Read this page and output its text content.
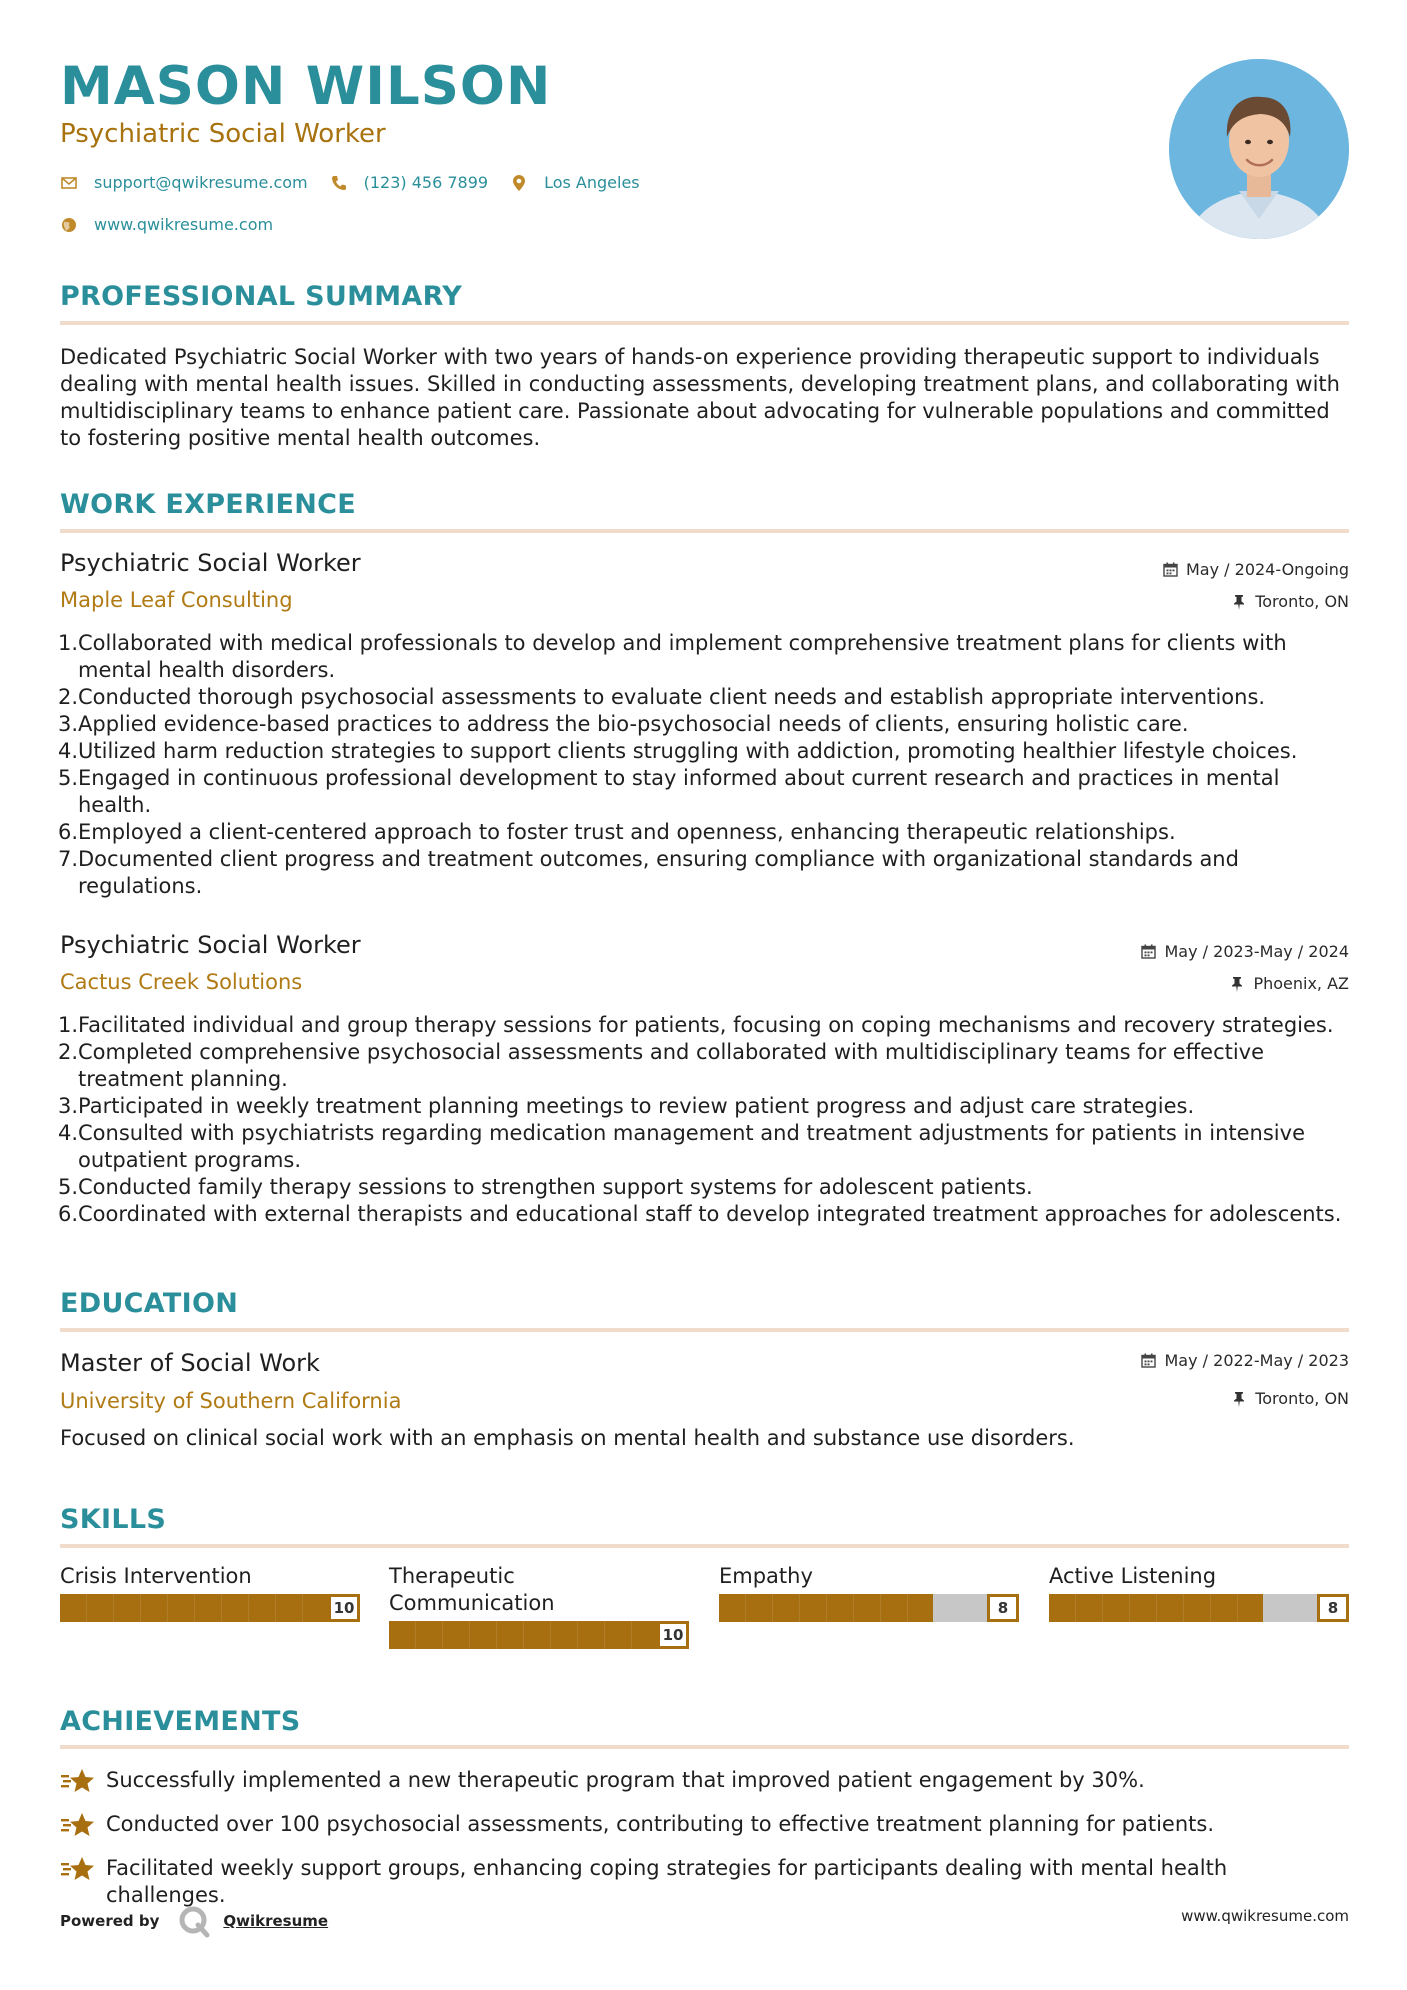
MASON WILSON
Psychiatric Social Worker
support@qwikresume.com	(123) 456 7899	Los Angeles
www.qwikresume.com
PROFESSIONAL SUMMARY
Dedicated Psychiatric Social Worker with two years of hands-on experience providing therapeutic support to individuals dealing with mental health issues. Skilled in conducting assessments, developing treatment plans, and collaborating with multidisciplinary teams to enhance patient care. Passionate about advocating for vulnerable populations and committed to fostering positive mental health outcomes.
WORK EXPERIENCE
Psychiatric Social Worker	May / 2024-Ongoing
Maple Leaf Consulting	Toronto, ON
1. Collaborated with medical professionals to develop and implement comprehensive treatment plans for clients with mental health disorders.
2. Conducted thorough psychosocial assessments to evaluate client needs and establish appropriate interventions.
3. Applied evidence-based practices to address the bio-psychosocial needs of clients, ensuring holistic care.
4. Utilized harm reduction strategies to support clients struggling with addiction, promoting healthier lifestyle choices.
5. Engaged in continuous professional development to stay informed about current research and practices in mental health.
6. Employed a client-centered approach to foster trust and openness, enhancing therapeutic relationships.
7. Documented client progress and treatment outcomes, ensuring compliance with organizational standards and regulations.
Psychiatric Social Worker	May / 2023-May / 2024
Cactus Creek Solutions	Phoenix, AZ
1. Facilitated individual and group therapy sessions for patients, focusing on coping mechanisms and recovery strategies.
2. Completed comprehensive psychosocial assessments and collaborated with multidisciplinary teams for effective treatment planning.
3. Participated in weekly treatment planning meetings to review patient progress and adjust care strategies.
4. Consulted with psychiatrists regarding medication management and treatment adjustments for patients in intensive outpatient programs.
5. Conducted family therapy sessions to strengthen support systems for adolescent patients.
6. Coordinated with external therapists and educational staff to develop integrated treatment approaches for adolescents.
EDUCATION
Master of Social Work	May / 2022-May / 2023
University of Southern California	Toronto, ON
Focused on clinical social work with an emphasis on mental health and substance use disorders.
SKILLS
Crisis Intervention
10
Therapeutic Communication
10
Empathy
8
Active Listening
8
ACHIEVEMENTS
Successfully implemented a new therapeutic program that improved patient engagement by 30%.
Conducted over 100 psychosocial assessments, contributing to effective treatment planning for patients.
Facilitated weekly support groups, enhancing coping strategies for participants dealing with mental health challenges.
Powered by	Qwikresume	www.qwikresume.com
